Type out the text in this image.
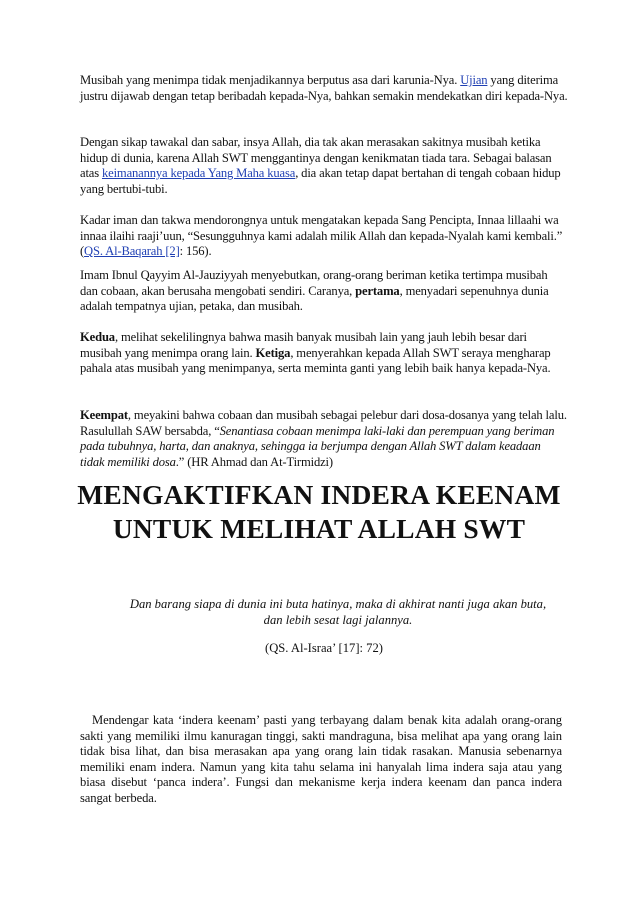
Musibah yang menimpa tidak menjadikannya berputus asa dari karunia-Nya. Ujian yang diterima justru dijawab dengan tetap beribadah kepada-Nya, bahkan semakin mendekatkan diri kepada-Nya.

Dengan sikap tawakal dan sabar, insya Allah, dia tak akan merasakan sakitnya musibah ketika hidup di dunia, karena Allah SWT menggantinya dengan kenikmatan tiada tara. Sebagai balasan atas keimanannya kepada Yang Maha kuasa, dia akan tetap dapat bertahan di tengah cobaan hidup yang bertubi-tubi.

Kadar iman dan takwa mendorongnya untuk mengatakan kepada Sang Pencipta, Innaa lillaahi wa innaa ilaihi raaji’uun, “Sesungguhnya kami adalah milik Allah dan kepada-Nyalah kami kembali.” (QS. Al-Baqarah [2]: 156).

Imam Ibnul Qayyim Al-Jauziyyah menyebutkan, orang-orang beriman ketika tertimpa musibah dan cobaan, akan berusaha mengobati sendiri. Caranya, pertama, menyadari sepenuhnya dunia adalah tempatnya ujian, petaka, dan musibah.

Kedua, melihat sekelilingnya bahwa masih banyak musibah lain yang jauh lebih besar dari musibah yang menimpa orang lain. Ketiga, menyerahkan kepada Allah SWT seraya mengharap pahala atas musibah yang menimpanya, serta meminta ganti yang lebih baik hanya kepada-Nya.

Keempat, meyakini bahwa cobaan dan musibah sebagai pelebur dari dosa-dosanya yang telah lalu. Rasulullah SAW bersabda, “Senantiasa cobaan menimpa laki-laki dan perempuan yang beriman pada tubuhnya, harta, dan anaknya, sehingga ia berjumpa dengan Allah SWT dalam keadaan tidak memiliki dosa.” (HR Ahmad dan At-Tirmidzi)

MENGAKTIFKAN INDERA KEENAM
UNTUK MELIHAT ALLAH SWT
Dan barang siapa di dunia ini buta hatinya, maka di akhirat nanti juga akan buta,
dan lebih sesat lagi jalannya.
(QS. Al-Israa’ [17]: 72)

Mendengar kata ‘indera keenam’ pasti yang terbayang dalam benak kita adalah orang-orang sakti yang memiliki ilmu kanuragan tinggi, sakti mandraguna, bisa melihat apa yang orang lain tidak bisa lihat, dan bisa merasakan apa yang orang lain tidak rasakan. Manusia sebenarnya memiliki enam indera. Namun yang kita tahu selama ini hanyalah lima indera saja atau yang biasa disebut ‘panca indera’. Fungsi dan mekanisme kerja indera keenam dan panca indera sangat berbeda.
